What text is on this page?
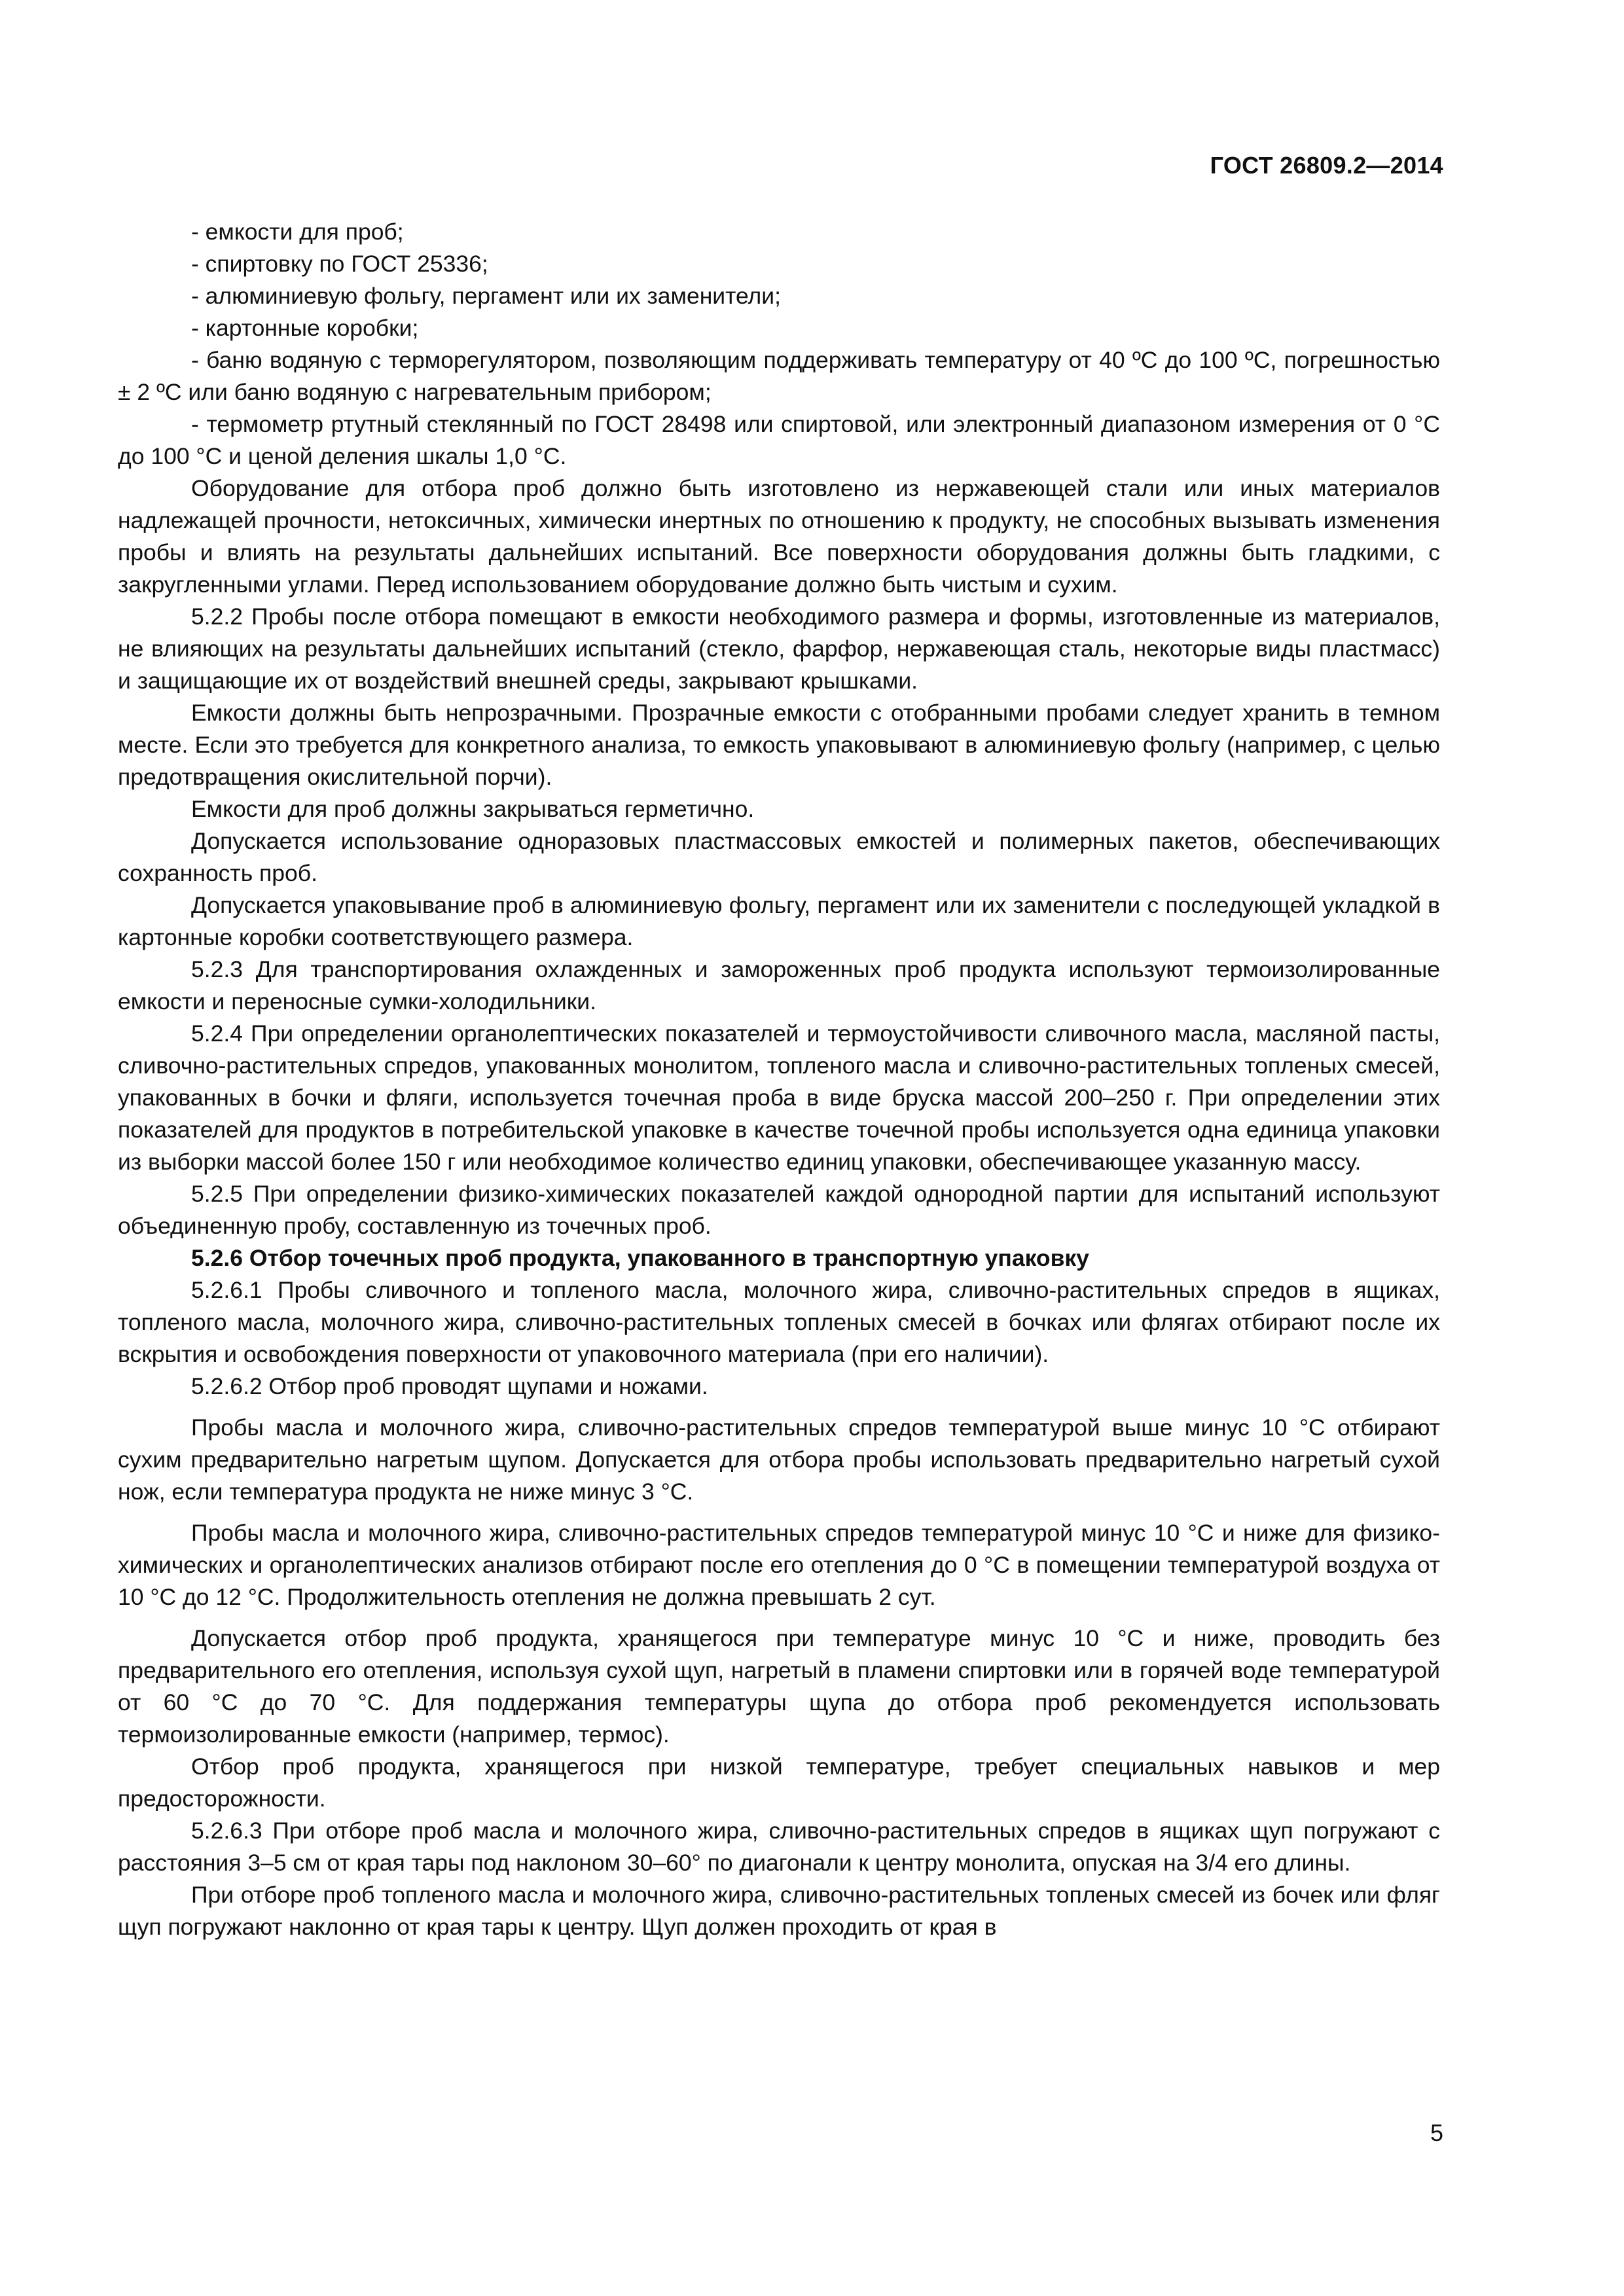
ГОСТ 26809.2—2014

- емкости для проб;

- спиртовку по ГОСТ 25336;

- алюминиевую фольгу, пергамент или их заменители;

- картонные коробки;

- баню водяную с терморегулятором, позволяющим поддерживать температуру от 40 ºС до 100 ºС, погрешностью ± 2 ºС или баню водяную с нагревательным прибором;

- термометр ртутный стеклянный по ГОСТ 28498 или спиртовой, или электронный диапазоном измерения от 0 °С до 100 °С и ценой деления шкалы 1,0 °С.

Оборудование для отбора проб должно быть изготовлено из нержавеющей стали или иных материалов надлежащей прочности, нетоксичных, химически инертных по отношению к продукту, не способных вызывать изменения пробы и влиять на результаты дальнейших испытаний. Все поверхности оборудования должны быть гладкими, с закругленными углами. Перед использованием оборудование должно быть чистым и сухим.

5.2.2 Пробы после отбора помещают в емкости необходимого размера и формы, изготовленные из материалов, не влияющих на результаты дальнейших испытаний (стекло, фарфор, нержавеющая сталь, некоторые виды пластмасс) и защищающие их от воздействий внешней среды, закрывают крышками.

Емкости должны быть непрозрачными. Прозрачные емкости с отобранными пробами следует хранить в темном месте. Если это требуется для конкретного анализа, то емкость упаковывают в алюминиевую фольгу (например, с целью предотвращения окислительной порчи).

Емкости для проб должны закрываться герметично.

Допускается использование одноразовых пластмассовых емкостей и полимерных пакетов, обеспечивающих сохранность проб.

Допускается упаковывание проб в алюминиевую фольгу, пергамент или их заменители с последующей укладкой в картонные коробки соответствующего размера.

5.2.3 Для транспортирования охлажденных и замороженных проб продукта используют термоизолированные емкости и переносные сумки-холодильники.

5.2.4 При определении органолептических показателей и термоустойчивости сливочного масла, масляной пасты, сливочно-растительных спредов, упакованных монолитом, топленого масла и сливочно-растительных топленых смесей, упакованных в бочки и фляги, используется точечная проба в виде бруска массой 200–250 г. При определении этих показателей для продуктов в потребительской упаковке в качестве точечной пробы используется одна единица упаковки из выборки массой более 150 г или необходимое количество единиц упаковки, обеспечивающее указанную массу.

5.2.5 При определении физико-химических показателей каждой однородной партии для испытаний используют объединенную пробу, составленную из точечных проб.

5.2.6 Отбор точечных проб продукта, упакованного в транспортную упаковку

5.2.6.1 Пробы сливочного и топленого масла, молочного жира, сливочно-растительных спредов в ящиках, топленого масла, молочного жира, сливочно-растительных топленых смесей в бочках или флягах отбирают после их вскрытия и освобождения поверхности от упаковочного материала (при его наличии).

5.2.6.2 Отбор проб проводят щупами и ножами.

Пробы масла и молочного жира, сливочно-растительных спредов температурой выше минус 10 °С отбирают сухим предварительно нагретым щупом. Допускается для отбора пробы использовать предварительно нагретый сухой нож, если температура продукта не ниже минус 3 °С.

Пробы масла и молочного жира, сливочно-растительных спредов температурой минус 10 °С и ниже для физико-химических и органолептических анализов отбирают после его отепления до 0 °С в помещении температурой воздуха от 10 °С до 12 °С. Продолжительность отепления не должна превышать 2 сут.

Допускается отбор проб продукта, хранящегося при температуре минус 10 °С и ниже, проводить без предварительного его отепления, используя сухой щуп, нагретый в пламени спиртовки или в горячей воде температурой от 60 °С до 70 °С. Для поддержания температуры щупа до отбора проб рекомендуется использовать термоизолированные емкости (например, термос).

Отбор проб продукта, хранящегося при низкой температуре, требует специальных навыков и мер предосторожности.

5.2.6.3 При отборе проб масла и молочного жира, сливочно-растительных спредов в ящиках щуп погружают с расстояния 3–5 см от края тары под наклоном 30–60° по диагонали к центру монолита, опуская на 3/4 его длины.

При отборе проб топленого масла и молочного жира, сливочно-растительных топленых смесей из бочек или фляг щуп погружают наклонно от края тары к центру. Щуп должен проходить от края в

5
